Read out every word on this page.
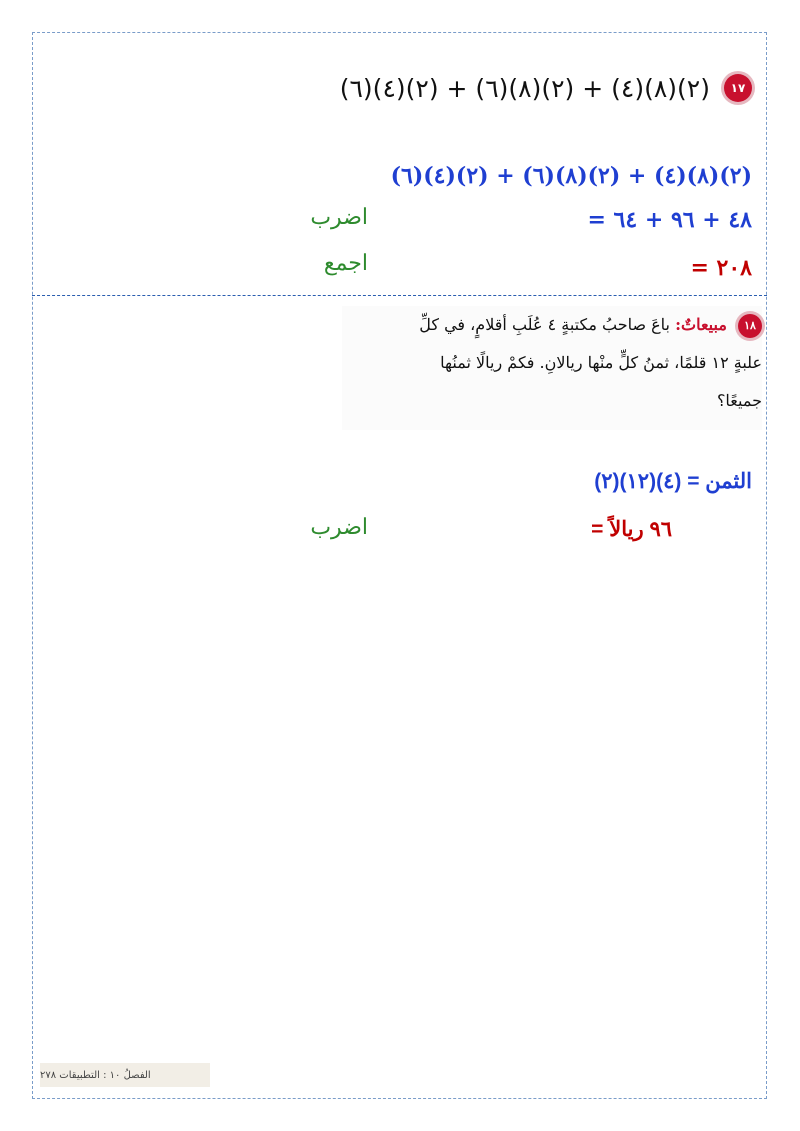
١٧
(٦)(٤)(٢) + (٦)(٨)(٢) + (٤)(٨)(٢)
(٦)(٤)(٢) + (٦)(٨)(٢) + (٤)(٨)(٢)
= ٤٨ + ٩٦ + ٦٤
اضرب
= ٢٠٨
اجمع
١٨ مبيعاتٌ: باعَ صاحبُ مكتبةٍ ٤ عُلَبِ أقلامٍ، في كلِّ
علبةٍ ١٢ قلمًا، ثمنُ كلٍّ منْها ريالانِ. فكمْ ريالًا ثمنُها
جميعًا؟
الثمن = (٢)(١٢)(٤)
= ٩٦ ريالاً
اضرب
الفصلُ ١٠ : التطبيقات ٢٧٨
